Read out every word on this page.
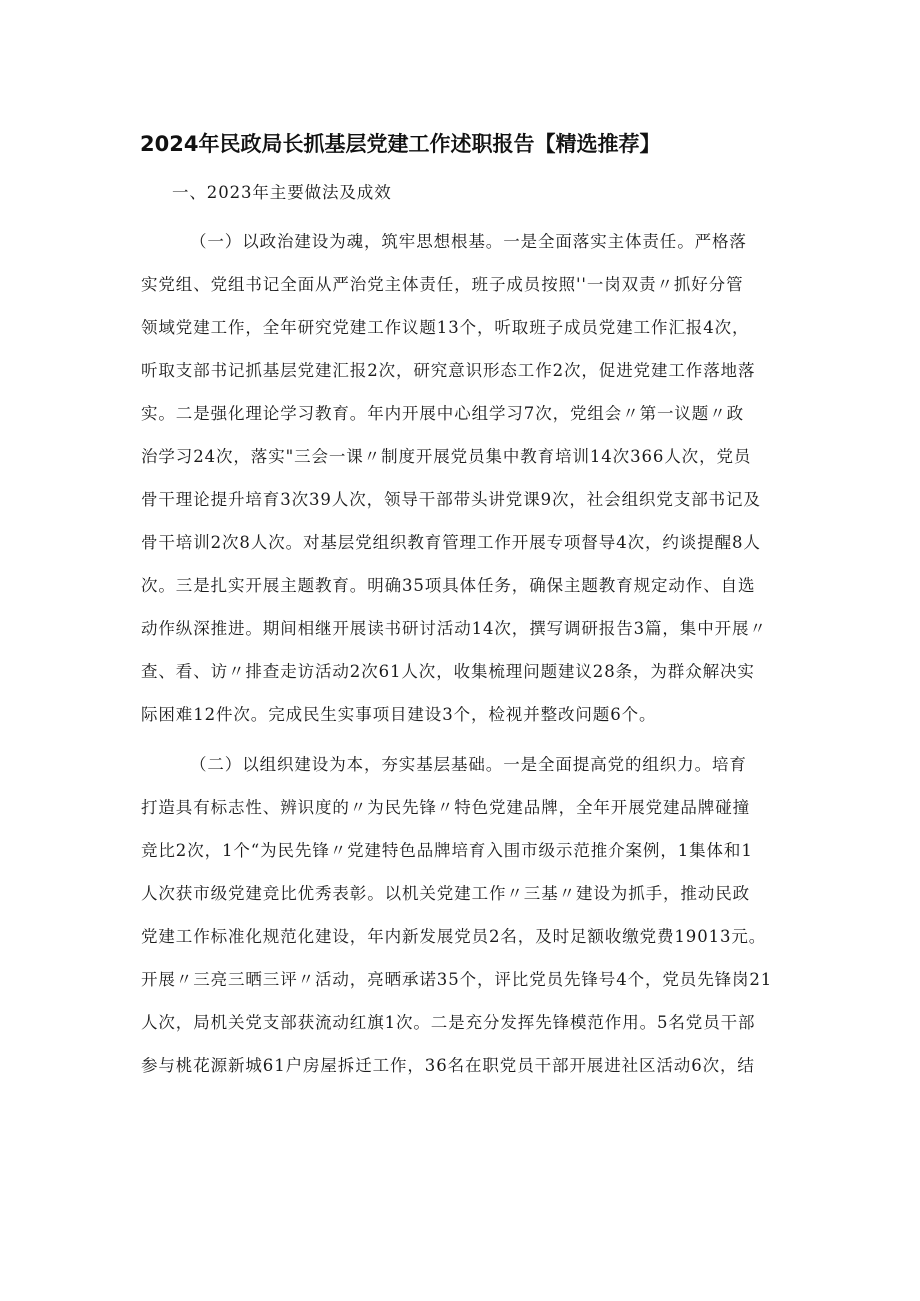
2024年民政局长抓基层党建工作述职报告【精选推荐】
一、2023年主要做法及成效
（一）以政治建设为魂，筑牢思想根基。一是全面落实主体责任。严格落
实党组、党组书记全面从严治党主体责任，班子成员按照''一岗双责〃抓好分管
领域党建工作，全年研究党建工作议题13个，听取班子成员党建工作汇报4次，
听取支部书记抓基层党建汇报2次，研究意识形态工作2次，促进党建工作落地落
实。二是强化理论学习教育。年内开展中心组学习7次，党组会〃第一议题〃政
治学习24次，落实"三会一课〃制度开展党员集中教育培训14次366人次，党员
骨干理论提升培育3次39人次，领导干部带头讲党课9次，社会组织党支部书记及
骨干培训2次8人次。对基层党组织教育管理工作开展专项督导4次，约谈提醒8人
次。三是扎实开展主题教育。明确35项具体任务，确保主题教育规定动作、自选
动作纵深推进。期间相继开展读书研讨活动14次，撰写调研报告3篇，集中开展〃
查、看、访〃排查走访活动2次61人次，收集梳理问题建议28条，为群众解决实
际困难12件次。完成民生实事项目建设3个，检视并整改问题6个。
（二）以组织建设为本，夯实基层基础。一是全面提高党的组织力。培育
打造具有标志性、辨识度的〃为民先锋〃特色党建品牌，全年开展党建品牌碰撞
竞比2次，1个“为民先锋〃党建特色品牌培育入围市级示范推介案例，1集体和1
人次获市级党建竞比优秀表彰。以机关党建工作〃三基〃建设为抓手，推动民政
党建工作标准化规范化建设，年内新发展党员2名，及时足额收缴党费19013元。
开展〃三亮三晒三评〃活动，亮晒承诺35个，评比党员先锋号4个，党员先锋岗21
人次，局机关党支部获流动红旗1次。二是充分发挥先锋模范作用。5名党员干部
参与桃花源新城61户房屋拆迁工作，36名在职党员干部开展进社区活动6次，结
